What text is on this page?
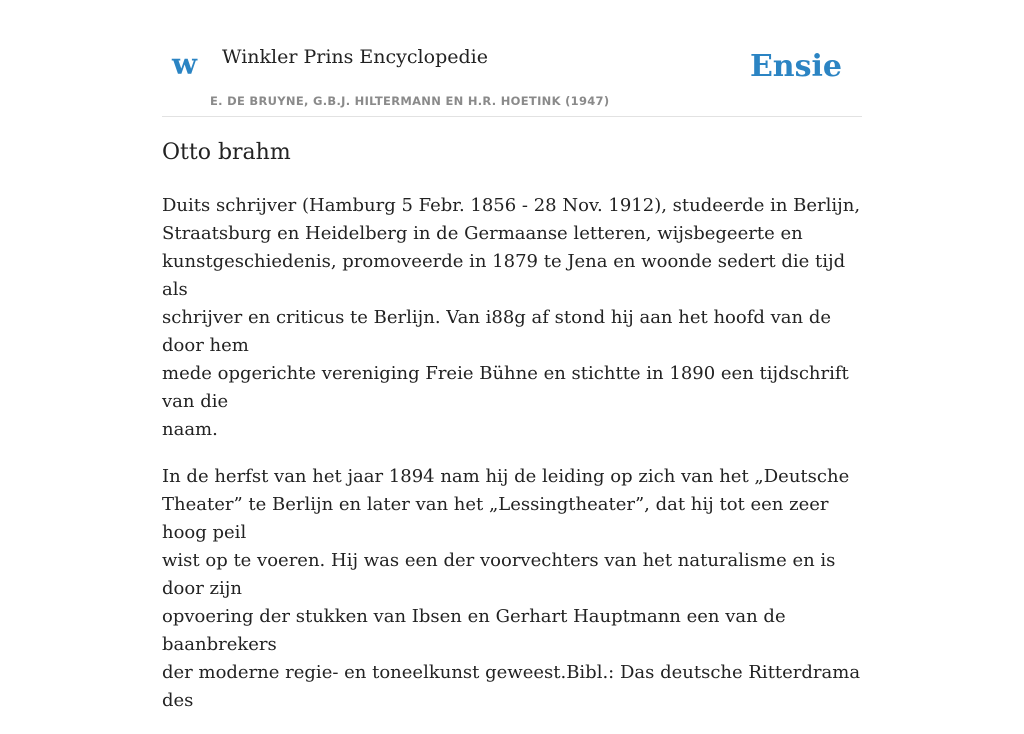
w Winkler Prins Encyclopedie
E. DE BRUYNE, G.B.J. HILTERMANN EN H.R. HOETINK (1947)
Ensie
Otto brahm

Duits schrijver (Hamburg 5 Febr. 1856 - 28 Nov. 1912), studeerde in Berlijn,
Straatsburg en Heidelberg in de Germaanse letteren, wijsbegeerte en
kunstgeschiedenis, promoveerde in 1879 te Jena en woonde sedert die tijd als
schrijver en criticus te Berlijn. Van i88g af stond hij aan het hoofd van de door hem
mede opgerichte vereniging Freie Bühne en stichtte in 1890 een tijdschrift van die
naam.

In de herfst van het jaar 1894 nam hij de leiding op zich van het „Deutsche
Theater” te Berlijn en later van het „Lessingtheater”, dat hij tot een zeer hoog peil
wist op te voeren. Hij was een der voorvechters van het naturalisme en is door zijn
opvoering der stukken van Ibsen en Gerhart Hauptmann een van de baanbrekers
der moderne regie- en toneelkunst geweest.Bibl.: Das deutsche Ritterdrama des
